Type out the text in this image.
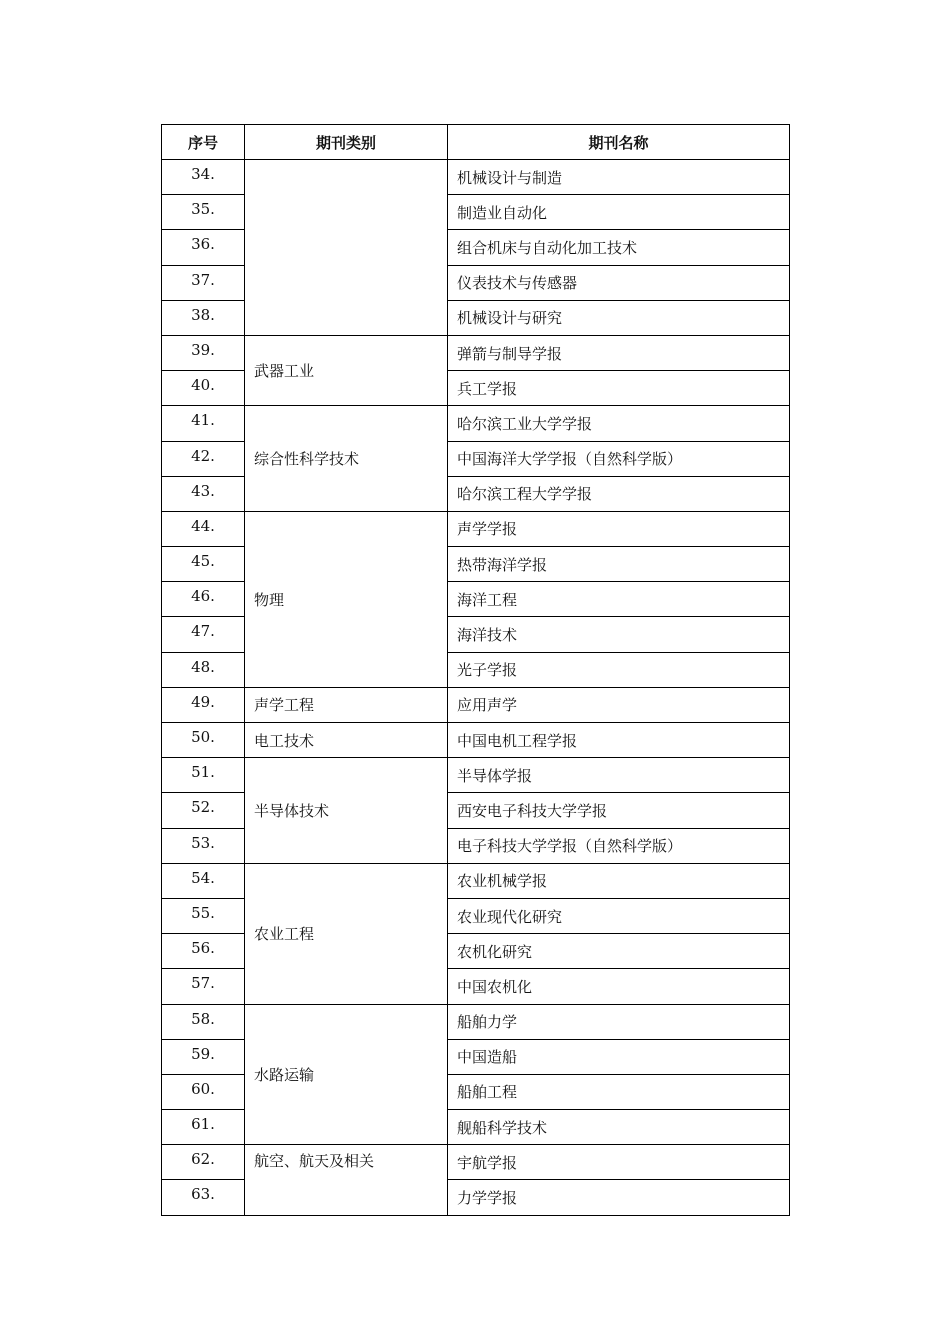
序号	期刊类别	期刊名称
34.		机械设计与制造
35.		制造业自动化
36.		组合机床与自动化加工技术
37.		仪表技术与传感器
38.		机械设计与研究
39.	武器工业	弹箭与制导学报
40.		兵工学报
41.	综合性科学技术	哈尔滨工业大学学报
42.		中国海洋大学学报（自然科学版）
43.		哈尔滨工程大学学报
44.	物理	声学学报
45.		热带海洋学报
46.		海洋工程
47.		海洋技术
48.		光子学报
49.	声学工程	应用声学
50.	电工技术	中国电机工程学报
51.	半导体技术	半导体学报
52.		西安电子科技大学学报
53.		电子科技大学学报（自然科学版）
54.	农业工程	农业机械学报
55.		农业现代化研究
56.		农机化研究
57.		中国农机化
58.	水路运输	船舶力学
59.		中国造船
60.		船舶工程
61.		舰船科学技术
62.	航空、航天及相关	宇航学报
63.		力学学报
